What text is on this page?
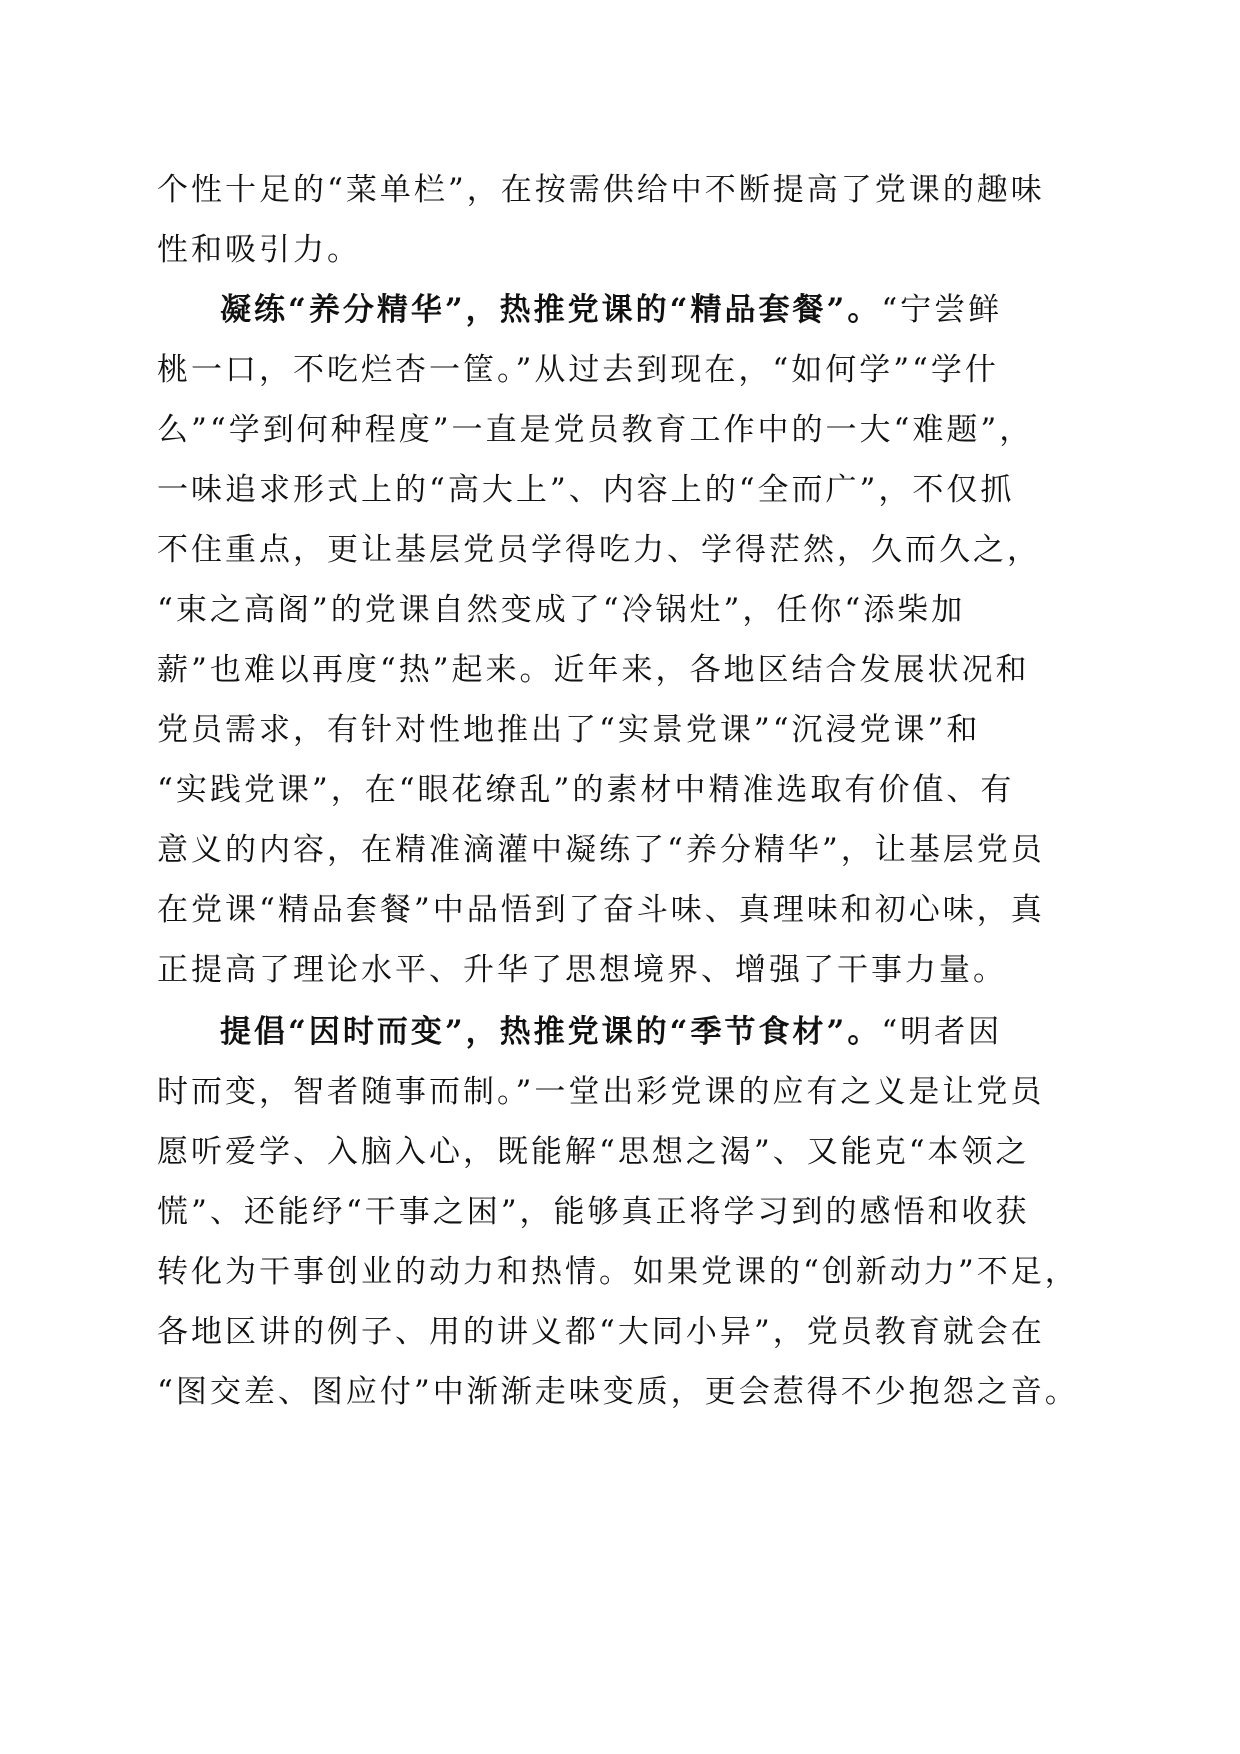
个性十足的“菜单栏”，在按需供给中不断提高了党课的趣味
性和吸引力。
凝练“养分精华”，热推党课的“精品套餐”。“宁尝鲜
桃一口，不吃烂杏一筐。”从过去到现在，“如何学”“学什
么”“学到何种程度”一直是党员教育工作中的一大“难题”，
一味追求形式上的“高大上”、内容上的“全而广”，不仅抓
不住重点，更让基层党员学得吃力、学得茫然，久而久之，
“束之高阁”的党课自然变成了“冷锅灶”，任你“添柴加
薪”也难以再度“热”起来。近年来，各地区结合发展状况和
党员需求，有针对性地推出了“实景党课”“沉浸党课”和
“实践党课”，在“眼花缭乱”的素材中精准选取有价值、有
意义的内容，在精准滴灌中凝练了“养分精华”，让基层党员
在党课“精品套餐”中品悟到了奋斗味、真理味和初心味，真
正提高了理论水平、升华了思想境界、增强了干事力量。
提倡“因时而变”，热推党课的“季节食材”。“明者因
时而变，智者随事而制。”一堂出彩党课的应有之义是让党员
愿听爱学、入脑入心，既能解“思想之渴”、又能克“本领之
慌”、还能纾“干事之困”，能够真正将学习到的感悟和收获
转化为干事创业的动力和热情。如果党课的“创新动力”不足，
各地区讲的例子、用的讲义都“大同小异”，党员教育就会在
“图交差、图应付”中渐渐走味变质，更会惹得不少抱怨之音。
